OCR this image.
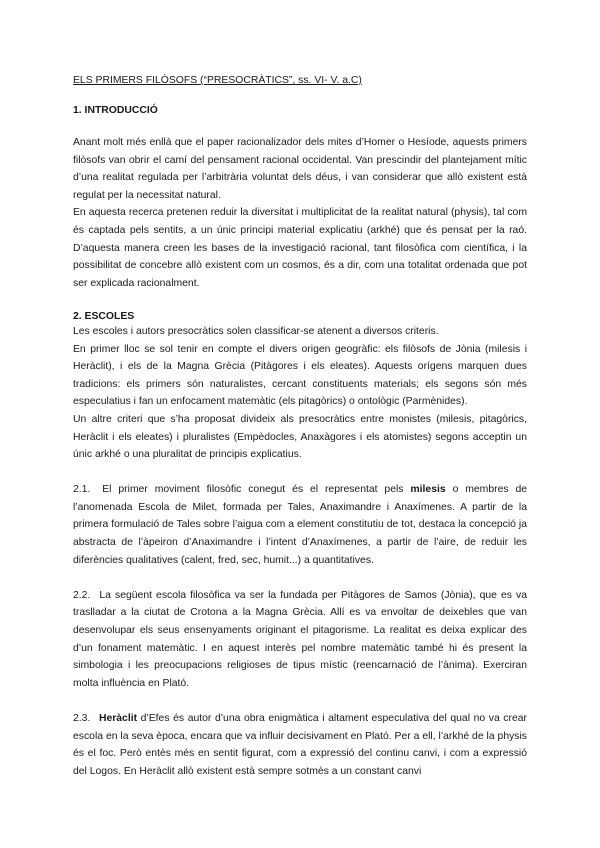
ELS PRIMERS FILÒSOFS (“PRESOCRÀTICS”, ss. VI- V. a.C)
1. INTRODUCCIÓ

Anant molt més enllà que el paper racionalizador dels mites d’Homer o Hesíode, aquests primers filòsofs van obrir el camí del pensament racional occidental. Van prescindir del plantejament mític d’una realitat regulada per l’arbitrària voluntat dels déus, i van considerar que allò existent està regulat per la necessitat natural.

En aquesta recerca pretenen reduir la diversitat i multiplicitat de la realitat natural (physis), tal com és captada pels sentits, a un únic principi material explicatiu (arkhé) que és pensat per la raó. D’aquesta manera creen les bases de la investigació racional, tant filosòfica com científica, i la possibilitat de concebre allò existent com un cosmos, és a dir, com una totalitat ordenada que pot ser explicada racionalment.

2. ESCOLES

Les escoles i autors presocràtics solen classificar-se atenent a diversos criteris.

En primer lloc se sol tenir en compte el divers origen geogràfic: els filòsofs de Jònia (milesis i Heràclit), i els de la Magna Grècia (Pitàgores i els eleates). Aquests orígens marquen dues tradicions: els primers són naturalistes, cercant constituents materials; els segons són més especulatius i fan un enfocament matemàtic (els pitagòrics) o ontològic (Parmènides).

Un altre criteri que s’ha proposat divideix als presocràtics entre monistes (milesis, pitagòrics, Heràclit i els eleates) i pluralistes (Empèdocles, Anaxàgores i els atomistes) segons acceptin un únic arkhé o una pluralitat de principis explicatius.

2.1. El primer moviment filosòfic conegut és el representat pels milesis o membres de l’anomenada Escola de Milet, formada per Tales, Anaximandre i Anaxímenes. A partir de la primera formulació de Tales sobre l’aigua com a element constitutiu de tot, destaca la concepció ja abstracta de l’àpeiron d’Anaximandre i l’intent d’Anaxímenes, a partir de l’aire, de reduir les diferències qualitatives (calent, fred, sec, humit...) a quantitatives.

2.2. La següent escola filosòfica va ser la fundada per Pitàgores de Samos (Jònia), que es va traslladar a la ciutat de Crotona a la Magna Grècia. Allí es va envoltar de deixebles que van desenvolupar els seus ensenyaments originant el pitagorisme. La realitat es deixa explicar des d’un fonament matemàtic. I en aquest interès pel nombre matemàtic també hi és present la simbologia i les preocupacions religioses de tipus místic (reencarnació de l’ànima). Exerciran molta influència en Plató.

2.3. Heràclit d’Efes és autor d’una obra enigmàtica i altament especulativa del qual no va crear escola en la seva època, encara que va influir decisivament en Plató. Per a ell, l’arkhé de la physis és el foc. Però entès més en sentit figurat, com a expressió del continu canvi, i com a expressió del Logos. En Heràclit allò existent està sempre sotmès a un constant canvi
